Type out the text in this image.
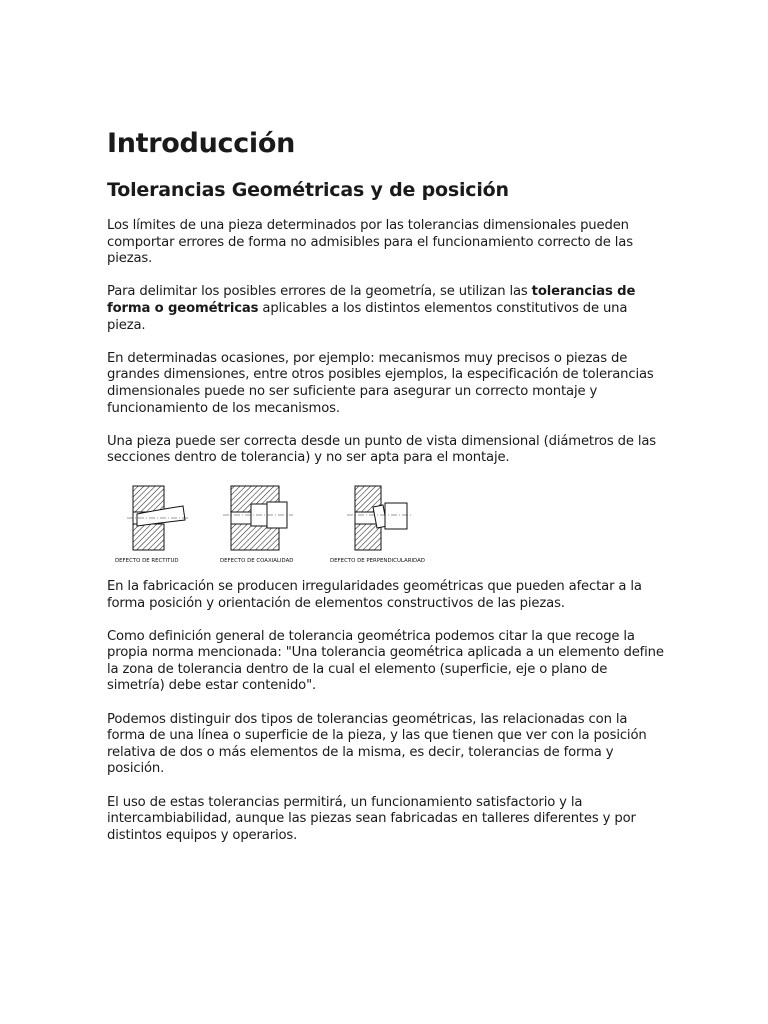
Introducción
Tolerancias Geométricas y de posición

Los límites de una pieza determinados por las tolerancias dimensionales pueden comportar errores de forma no admisibles para el funcionamiento correcto de las piezas.

Para delimitar los posibles errores de la geometría, se utilizan las tolerancias de forma o geométricas aplicables a los distintos elementos constitutivos de una pieza.

En determinadas ocasiones, por ejemplo: mecanismos muy precisos o piezas de grandes dimensiones, entre otros posibles ejemplos, la especificación de tolerancias dimensionales puede no ser suficiente para asegurar un correcto montaje y funcionamiento de los mecanismos.

Una pieza puede ser correcta desde un punto de vista dimensional (diámetros de las secciones dentro de tolerancia) y no ser apta para el montaje.

DEFECTO DE RECTITUD	DEFECTO DE COAXIALIDAD	DEFECTO DE PERPENDICULARIDAD

En la fabricación se producen irregularidades geométricas que pueden afectar a la forma posición y orientación de elementos constructivos de las piezas.

Como definición general de tolerancia geométrica podemos citar la que recoge la propia norma mencionada: "Una tolerancia geométrica aplicada a un elemento define la zona de tolerancia dentro de la cual el elemento (superficie, eje o plano de simetría) debe estar contenido".

Podemos distinguir dos tipos de tolerancias geométricas, las relacionadas con la forma de una línea o superficie de la pieza, y las que tienen que ver con la posición relativa de dos o más elementos de la misma, es decir, tolerancias de forma y posición.

El uso de estas tolerancias permitirá, un funcionamiento satisfactorio y la intercambiabilidad, aunque las piezas sean fabricadas en talleres diferentes y por distintos equipos y operarios.
